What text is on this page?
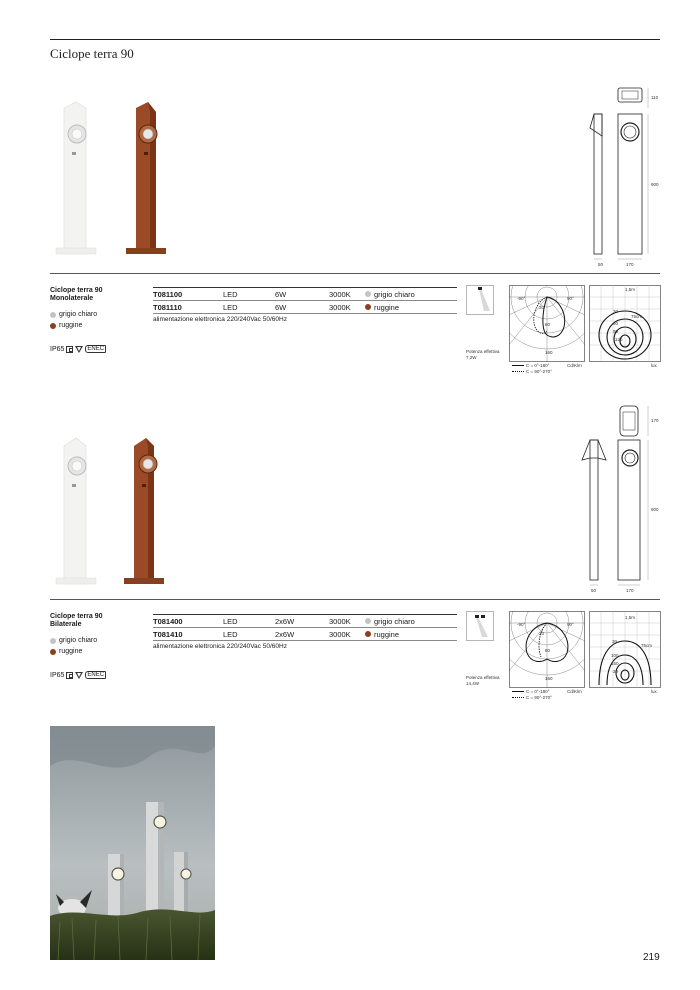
Ciclope terra 90
110
900
50	170
Ciclope terra 90
Monolaterale
grigio chiaro
ruggine
IP65	ENEC
T081100	LED	6W	3000K	grigio chiaro
T081110	LED	6W	3000K	ruggine
alimentazione elettronica 220/240Vac 50/60Hz
Potenza effettiva
7,2W
-90°	90°
20
80
160
Cd/Klm
C = 0°-180°
C = 90°-270°
1,5m
75cm
30
60
90
120
lux
170
900
50	170
Ciclope terra 90
Bilaterale
grigio chiaro
ruggine
IP65	ENEC
T081400	LED	2x6W	3000K	grigio chiaro
T081410	LED	2x6W	3000K	ruggine
alimentazione elettronica 220/240Vac 50/60Hz
Potenza effettiva
14,4W
-90°	90°
20
80
160
Cd/Klm
C = 0°-180°
C = 90°-270°
1,5m
75cm
30
100
150
20
lux
219
